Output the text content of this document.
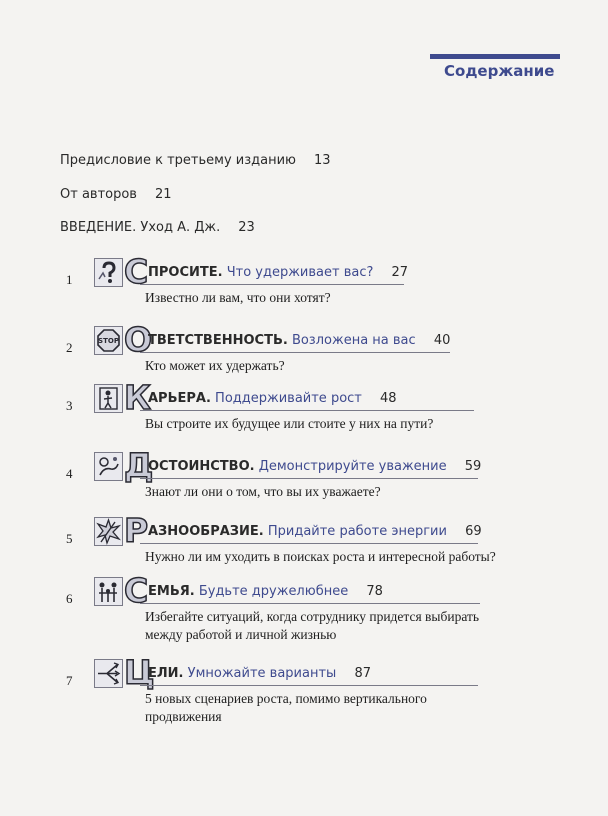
Содержание
Предисловие к третьему изданию 13
От авторов 21
ВВЕДЕНИЕ. Уход А. Дж. 23
1 С ПРОСИТЕ. Что удерживает вас? 27
Известно ли вам, что они хотят?
2	STOP О
ТВЕТСТВЕННОСТЬ. Возложена на вас 40
Кто может их удержать?
3 К
АРЬЕРА. Поддерживайте рост 48
Вы строите их будущее или стоите у них на пути?
4 Д
ОСТОИНСТВО. Демонстрируйте уважение 59
Знают ли они о том, что вы их уважаете?
5 Р АЗНООБРАЗИЕ. Придайте работе энергии 69
Нужно ли им уходить в поисках роста и интересной работы?
6 С ЕМЬЯ. Будьте дружелюбнее 78
Избегайте ситуаций, когда сотруднику придется выбирать между работой и личной жизнью
7 Ц
ЕЛИ. Умножайте варианты 87
5 новых сценариев роста, помимо вертикального продвижения
